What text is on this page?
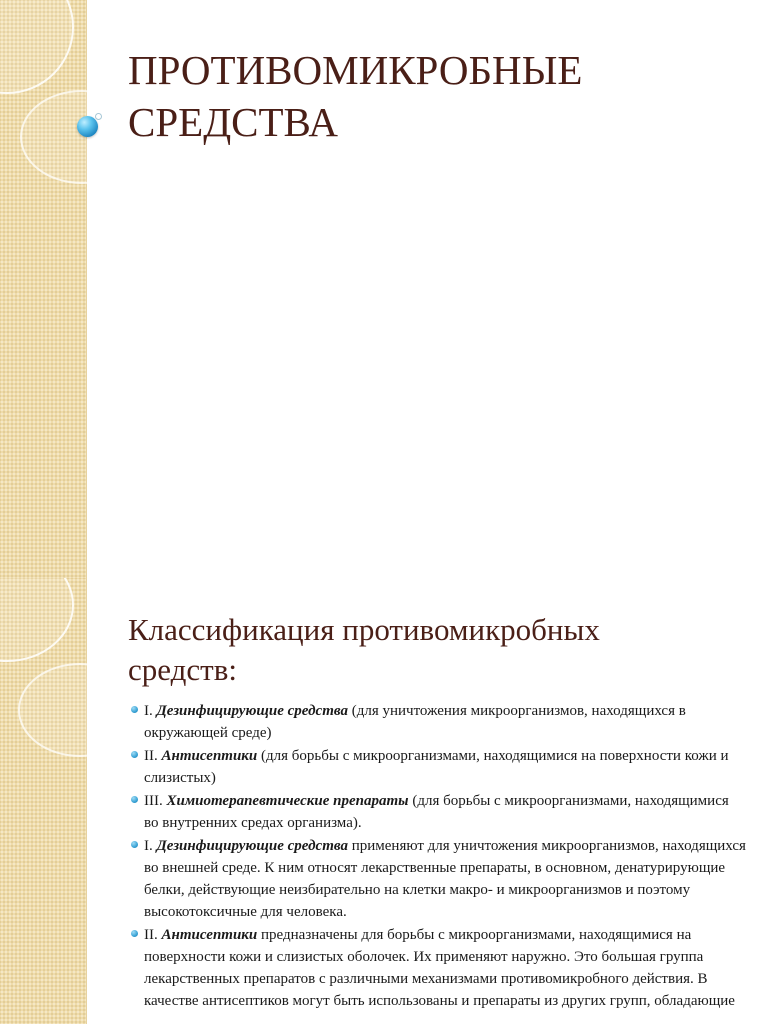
ПРОТИВОМИКРОБНЫЕ
СРЕДСТВА
Классификация противомикробных
средств:
I. Дезинфицирующие средства (для уничтожения микроорганизмов, находящихся в окружающей среде)
II. Антисептики (для борьбы с микроорганизмами, находящимися на поверхности кожи и слизистых)
III. Химиотерапевтические препараты (для борьбы с микроорганизмами, находящимися во внутренних средах организма).
I. Дезинфицирующие средства применяют для уничтожения микроорганизмов, находящихся во внешней среде. К ним относят лекарственные препараты, в основном, денатурирующие белки, действующие неизбирательно на клетки макро- и микроорганизмов и поэтому высокотоксичные для человека.
II. Антисептики предназначены для борьбы с микроорганизмами, находящимися на поверхности кожи и слизистых оболочек. Их применяют наружно. Это большая группа лекарственных препаратов с различными механизмами противомикробного действия. В качестве антисептиков могут быть использованы и препараты из других групп, обладающие
